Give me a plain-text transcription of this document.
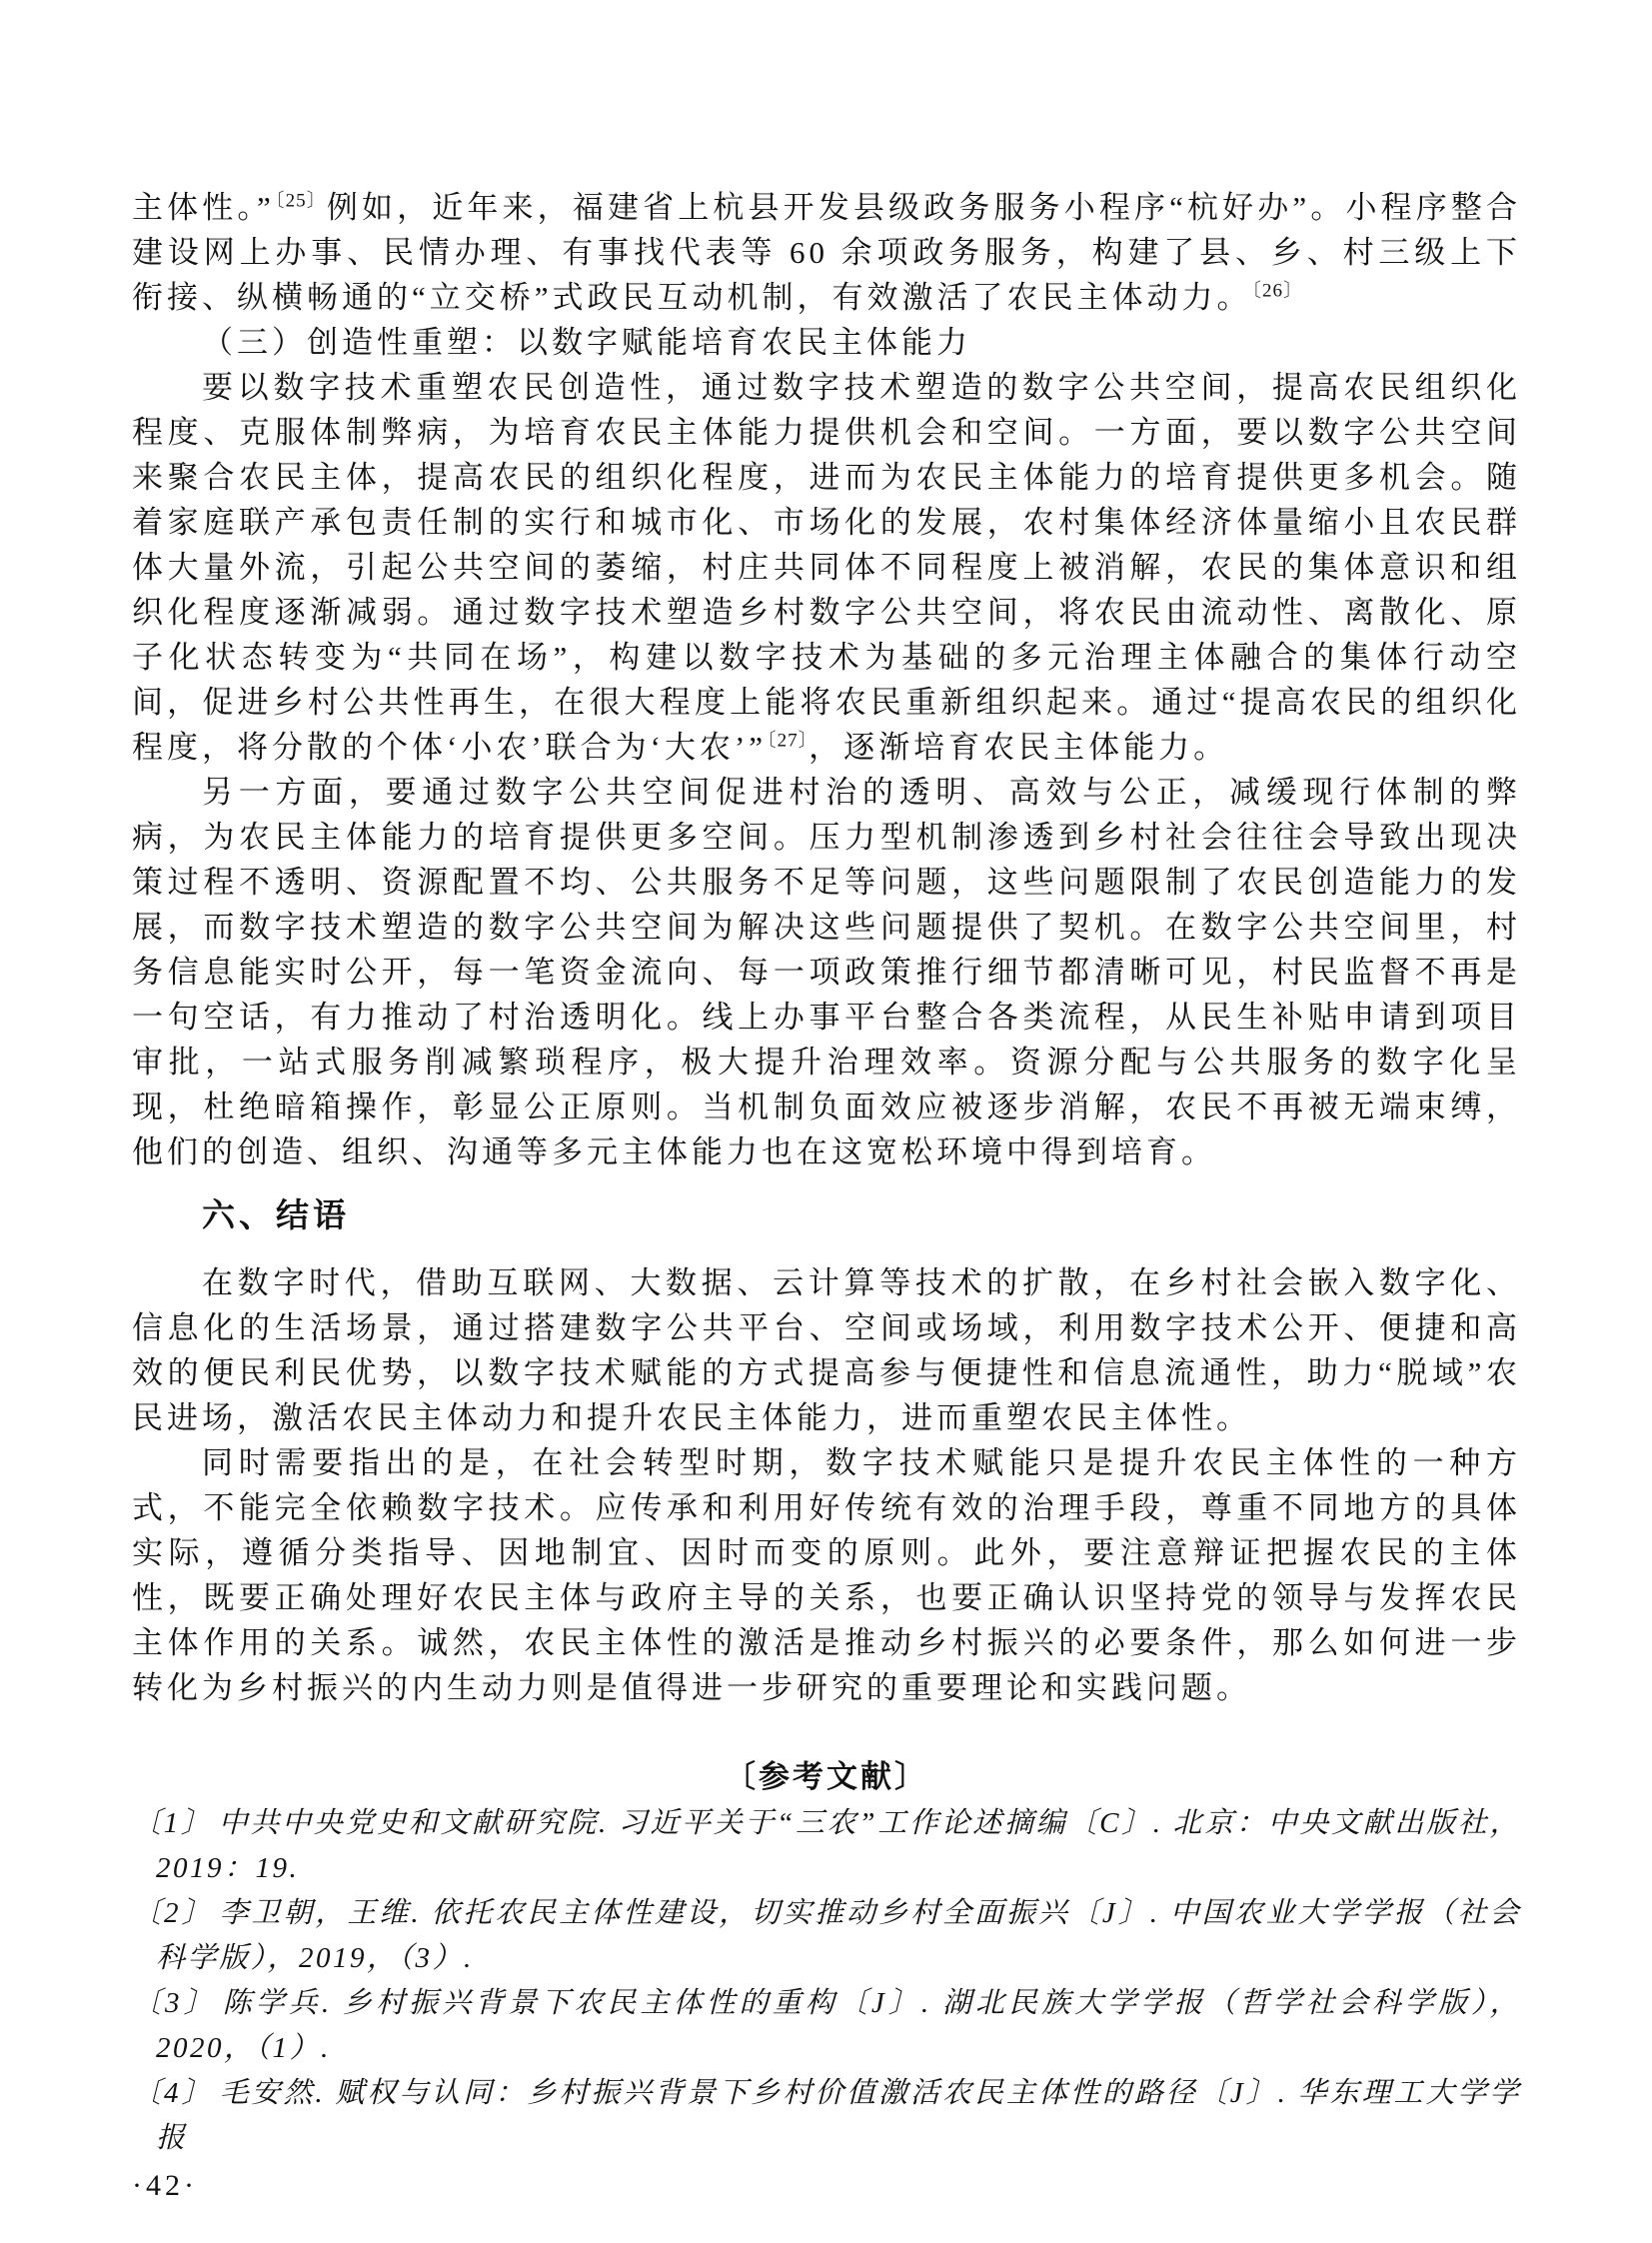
主体性。”$^{〔25〕}$例如，近年来，福建省上杭县开发县级政务服务小程序“杭好办”。小程序整合建设网上办事、民情办理、有事找代表等 60 余项政务服务，构建了县、乡、村三级上下衔接、纵横畅通的“立交桥”式政民互动机制，有效激活了农民主体动力。$^{〔26〕}$

（三）创造性重塑：以数字赋能培育农民主体能力

要以数字技术重塑农民创造性，通过数字技术塑造的数字公共空间，提高农民组织化程度、克服体制弊病，为培育农民主体能力提供机会和空间。一方面，要以数字公共空间来聚合农民主体，提高农民的组织化程度，进而为农民主体能力的培育提供更多机会。随着家庭联产承包责任制的实行和城市化、市场化的发展，农村集体经济体量缩小且农民群体大量外流，引起公共空间的萎缩，村庄共同体不同程度上被消解，农民的集体意识和组织化程度逐渐减弱。通过数字技术塑造乡村数字公共空间，将农民由流动性、离散化、原子化状态转变为“共同在场”，构建以数字技术为基础的多元治理主体融合的集体行动空间，促进乡村公共性再生，在很大程度上能将农民重新组织起来。通过“提高农民的组织化程度，将分散的个体‘小农’联合为‘大农’”$^{〔27〕}$，逐渐培育农民主体能力。

另一方面，要通过数字公共空间促进村治的透明、高效与公正，减缓现行体制的弊病，为农民主体能力的培育提供更多空间。压力型机制渗透到乡村社会往往会导致出现决策过程不透明、资源配置不均、公共服务不足等问题，这些问题限制了农民创造能力的发展，而数字技术塑造的数字公共空间为解决这些问题提供了契机。在数字公共空间里，村务信息能实时公开，每一笔资金流向、每一项政策推行细节都清晰可见，村民监督不再是一句空话，有力推动了村治透明化。线上办事平台整合各类流程，从民生补贴申请到项目审批，一站式服务削减繁琐程序，极大提升治理效率。资源分配与公共服务的数字化呈现，杜绝暗箱操作，彰显公正原则。当机制负面效应被逐步消解，农民不再被无端束缚，他们的创造、组织、沟通等多元主体能力也在这宽松环境中得到培育。

六、结语

在数字时代，借助互联网、大数据、云计算等技术的扩散，在乡村社会嵌入数字化、信息化的生活场景，通过搭建数字公共平台、空间或场域，利用数字技术公开、便捷和高效的便民利民优势，以数字技术赋能的方式提高参与便捷性和信息流通性，助力“脱域”农民进场，激活农民主体动力和提升农民主体能力，进而重塑农民主体性。

同时需要指出的是，在社会转型时期，数字技术赋能只是提升农民主体性的一种方式，不能完全依赖数字技术。应传承和利用好传统有效的治理手段，尊重不同地方的具体实际，遵循分类指导、因地制宜、因时而变的原则。此外，要注意辩证把握农民的主体性，既要正确处理好农民主体与政府主导的关系，也要正确认识坚持党的领导与发挥农民主体作用的关系。诚然，农民主体性的激活是推动乡村振兴的必要条件，那么如何进一步转化为乡村振兴的内生动力则是值得进一步研究的重要理论和实践问题。

〔参考文献〕

〔1〕 中共中央党史和文献研究院. 习近平关于“三农”工作论述摘编〔C〕. 北京：中央文献出版社，2019：19.

〔2〕 李卫朝，王维. 依托农民主体性建设，切实推动乡村全面振兴〔J〕. 中国农业大学学报（社会科学版），2019，（3）.

〔3〕 陈学兵. 乡村振兴背景下农民主体性的重构〔J〕. 湖北民族大学学报（哲学社会科学版），2020，（1）.

〔4〕 毛安然. 赋权与认同：乡村振兴背景下乡村价值激活农民主体性的路径〔J〕. 华东理工大学学报

·42·
